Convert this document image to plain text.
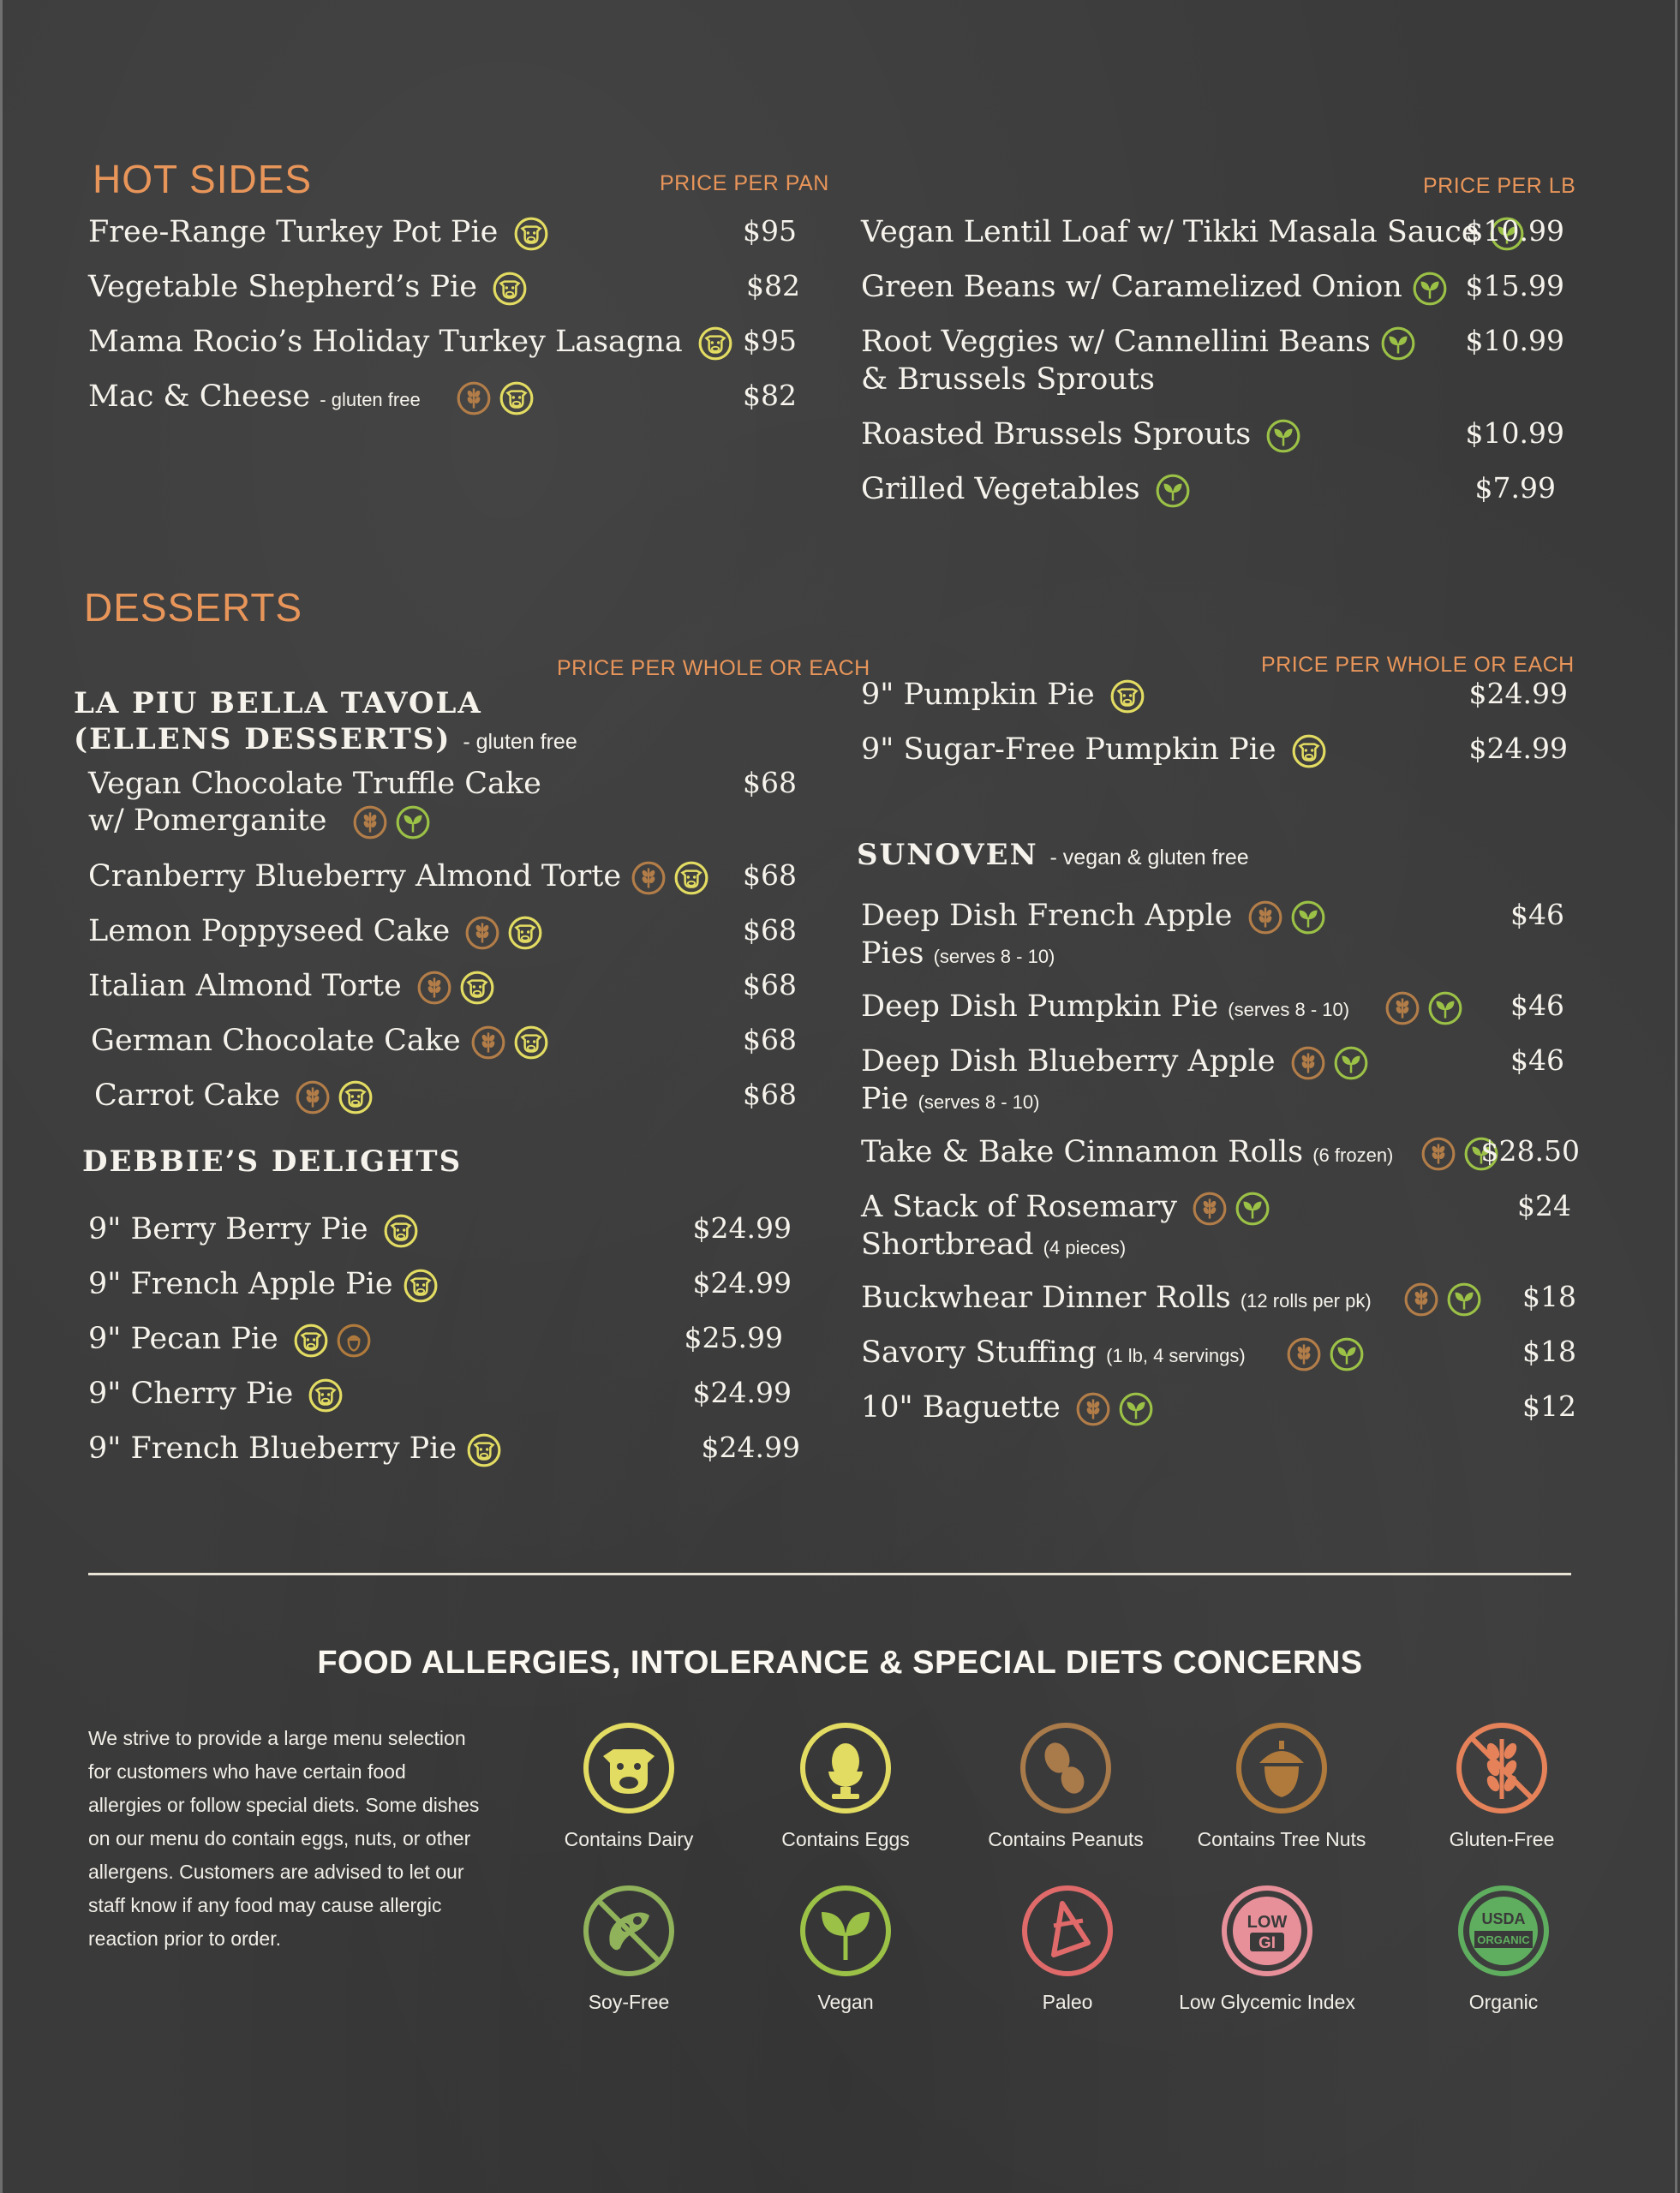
HOT SIDES	PRICE PER PAN	PRICE PER LB
Free-Range Turkey Pot Pie	$95
Vegetable Shepherd’s Pie	$82
Mama Rocio’s Holiday Turkey Lasagna	$95
Mac & Cheese - gluten free	$82
Vegan Lentil Loaf w/ Tikki Masala Sauce
$10.99
Green Beans w/ Caramelized Onion	$15.99
Root Veggies w/ Cannellini Beans

& Brussels Sprouts
$10.99
Roasted Brussels Sprouts	$10.99
Grilled Vegetables	$7.99
DESSERTS
PRICE PER WHOLE OR EACH	PRICE PER WHOLE OR EACH
LA PIU BELLA TAVOLA
(ELLENS DESSERTS) - gluten free
Vegan Chocolate Truffle Cake
w/ Pomerganite
$68
Cranberry Blueberry Almond Torte	$68
Lemon Poppyseed Cake	$68
Italian Almond Torte	$68
German Chocolate Cake	$68
Carrot Cake	$68
DEBBIE’S DELIGHTS
9" Berry Berry Pie	$24.99
9" French Apple Pie	$24.99
9" Pecan Pie	$25.99
9" Cherry Pie	$24.99
9" French Blueberry Pie	$24.99
9" Pumpkin Pie	$24.99
9" Sugar-Free Pumpkin Pie	$24.99
SUNOVEN - vegan & gluten free
Deep Dish French Apple

Pies (serves 8 - 10)
$46
Deep Dish Pumpkin Pie (serves 8 - 10)	$46
Deep Dish Blueberry Apple

Pie (serves 8 - 10)
$46
Take & Bake Cinnamon Rolls (6 frozen)	$28.50
A Stack of Rosemary

Shortbread (4 pieces)
$24
Buckwhear Dinner Rolls (12 rolls per pk)	$18
Savory Stuffing (1 lb, 4 servings)	$18
10" Baguette	$12
FOOD ALLERGIES, INTOLERANCE & SPECIAL DIETS CONCERNS
We strive to provide a large menu selection for customers who have certain food allergies or follow special diets. Some dishes on our menu do contain eggs, nuts, or other allergens. Customers are advised to let our staff know if any food may cause allergic reaction prior to order.
Contains Dairy	Contains Eggs	Contains Peanuts	Contains Tree Nuts	Gluten-Free
Soy-Free	Vegan	Paleo
LOW
GI
Low Glycemic Index
USDA
ORGANIC
Organic
